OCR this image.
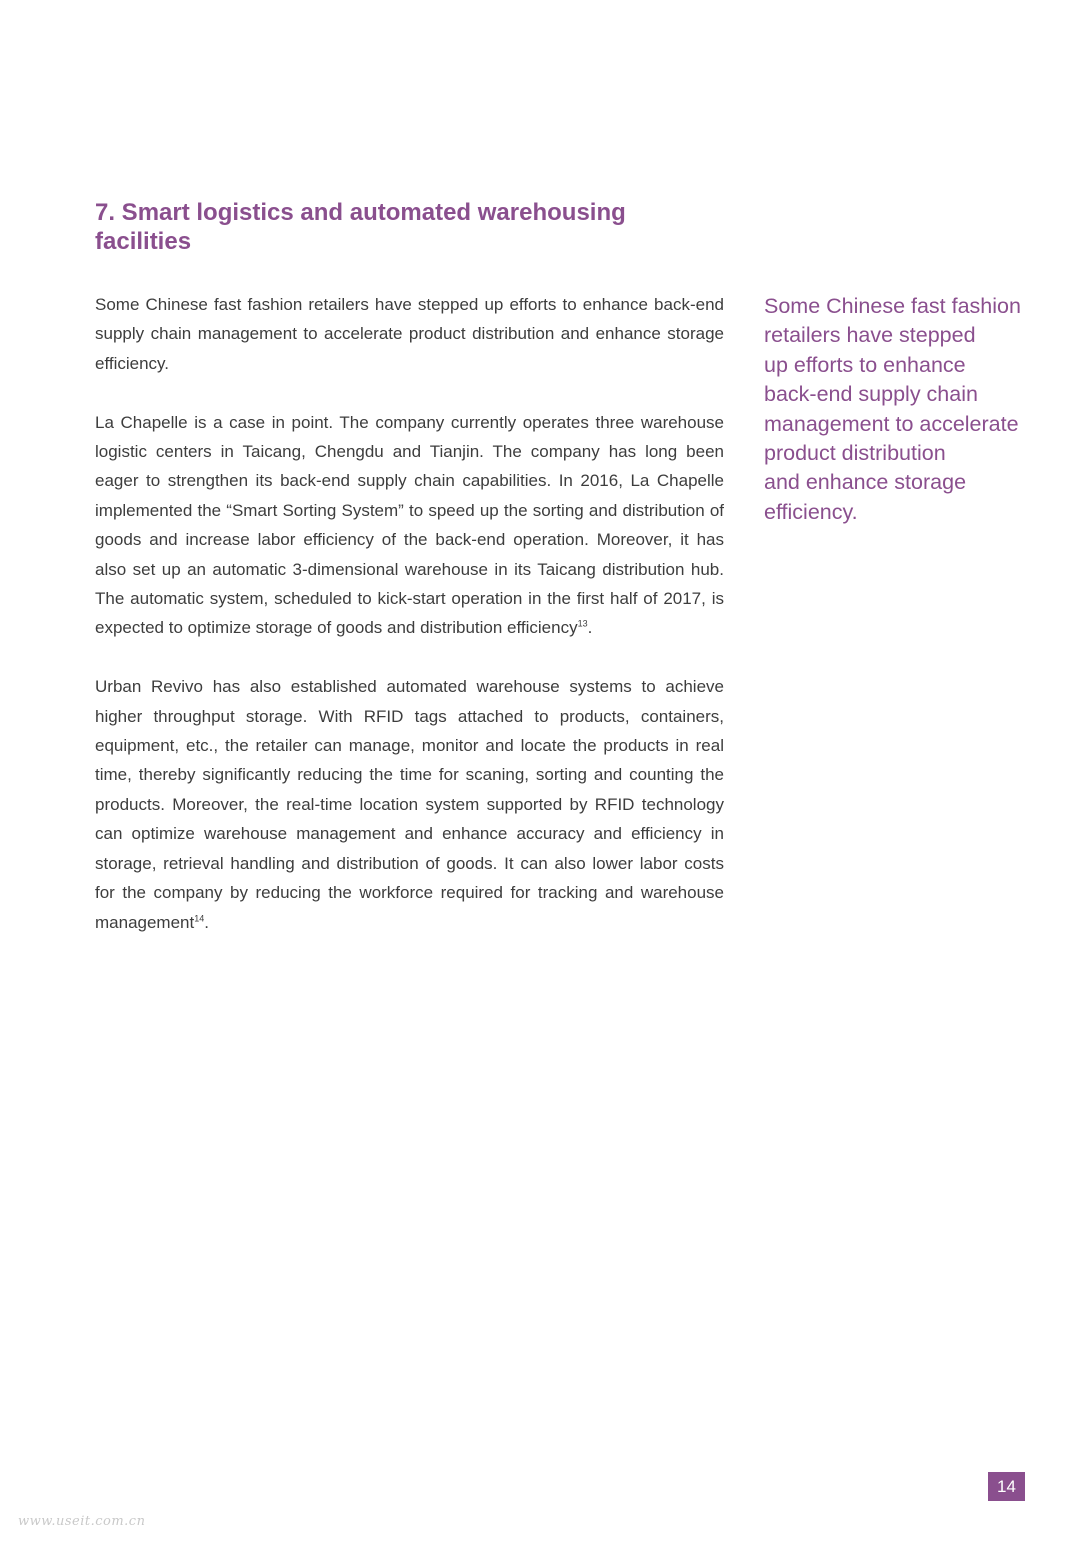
7. Smart logistics and automated warehousing
facilities

Some Chinese fast fashion retailers have stepped up efforts to enhance back-end supply chain management to accelerate product distribution and enhance storage efficiency.

La Chapelle is a case in point. The company currently operates three warehouse logistic centers in Taicang, Chengdu and Tianjin. The company has long been eager to strengthen its back-end supply chain capabilities. In 2016, La Chapelle implemented the “Smart Sorting System” to speed up the sorting and distribution of goods and increase labor efficiency of the back-end operation. Moreover, it has also set up an automatic 3-dimensional warehouse in its Taicang distribution hub. The automatic system, scheduled to kick-start operation in the first half of 2017, is expected to optimize storage of goods and distribution efficiency$^{13}$.

Urban Revivo has also established automated warehouse systems to achieve higher throughput storage. With RFID tags attached to products, containers, equipment, etc., the retailer can manage, monitor and locate the products in real time, thereby significantly reducing the time for scaning, sorting and counting the products. Moreover, the real-time location system supported by RFID technology can optimize warehouse management and enhance accuracy and efficiency in storage, retrieval handling and distribution of goods. It can also lower labor costs for the company by reducing the workforce required for tracking and warehouse management$^{14}$.

Some Chinese fast fashion
retailers have stepped
up efforts to enhance
back-end supply chain
management to accelerate
product distribution
and enhance storage
efficiency.
14
www.useit.com.cn
